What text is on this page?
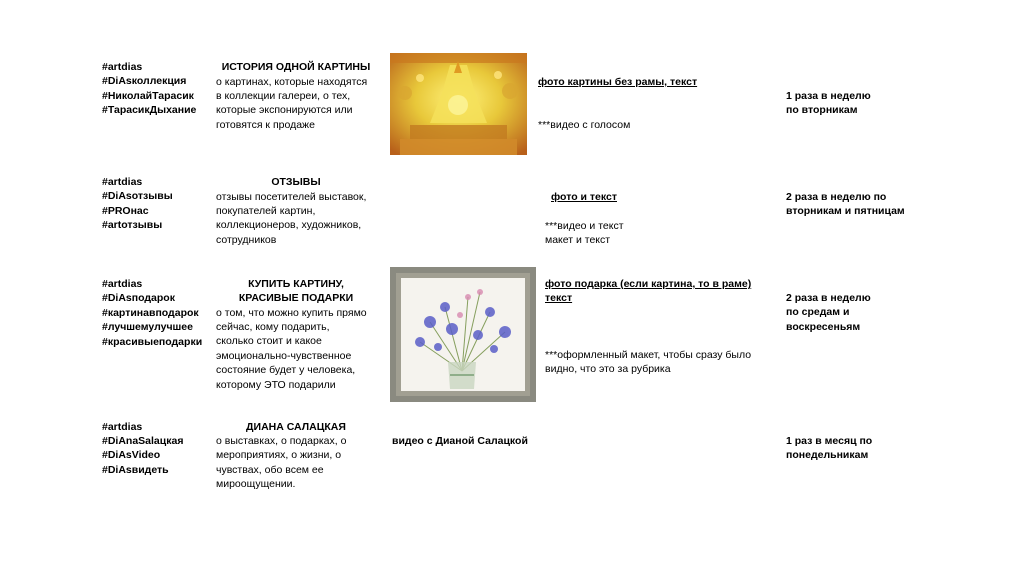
#artdias
#DiAsколлекция
#НиколайТарасик
#ТарасикДыхание
ИСТОРИЯ ОДНОЙ КАРТИНЫ
о картинах, которые находятся
в коллекции галереи, о тех,
которые экспонируются или
готовятся к продаже
фото картины без рамы, текст
***видео с голосом
1 раза в неделю
по вторникам
#artdias
#DiAsотзывы
#PROнас
#artотзывы
ОТЗЫВЫ
отзывы посетителей выставок,
покупателей картин,
коллекционеров, художников,
сотрудников
фото и текст
***видео и текст
макет и текст
2 раза в неделю по
вторникам и пятницам
#artdias
#DiAsподарок
#картинавподарок
#лучшемулучшее
#красивыеподарки
КУПИТЬ КАРТИНУ,
КРАСИВЫЕ ПОДАРКИ
о том, что можно купить прямо
сейчас, кому подарить,
сколько стоит и какое
эмоционально-чувственное
состояние будет у человека,
которому ЭТО подарили
фото подарка (если картина, то в раме)
текст
***оформленный макет, чтобы сразу было
видно, что это за рубрика
2 раза в неделю
по средам и
воскресеньям
#artdias
#DiAnaSalацкая
#DiAsVideo
#DiAsвидеть
ДИАНА САЛАЦКАЯ
о выставках, о подарках, о
мероприятиях, о жизни, о
чувствах, обо всем ее
мироощущении.
видео с Дианой Салацкой	1 раз в месяц по
понедельникам
